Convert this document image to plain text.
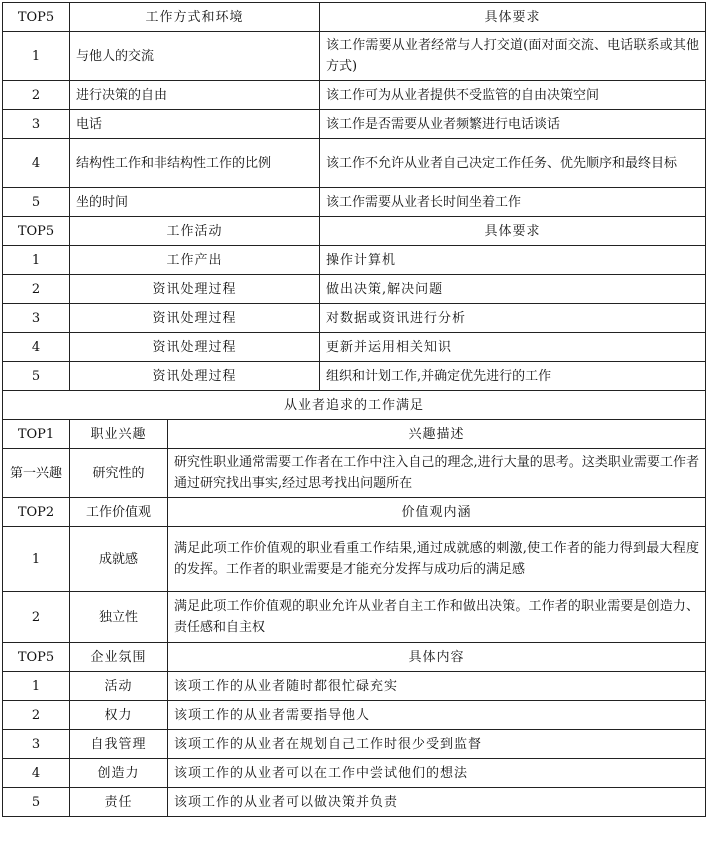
TOP5	工作方式和环境		具体要求
1	与他人的交流		该工作需要从业者经常与人打交道(面对面交流、电话联系或其他方式)
2	进行决策的自由		该工作可为从业者提供不受监管的自由决策空间
3	电话		该工作是否需要从业者频繁进行电话谈话
4	结构性工作和非结构性工作的比例		该工作不允许从业者自己决定工作任务、优先顺序和最终目标
5	坐的时间		该工作需要从业者长时间坐着工作
TOP5	工作活动		具体要求
1	工作产出		操作计算机
2	资讯处理过程		做出决策,解决问题
3	资讯处理过程		对数据或资讯进行分析
4	资讯处理过程		更新并运用相关知识
5	资讯处理过程		组织和计划工作,并确定优先进行的工作
从业者追求的工作满足			
TOP1	职业兴趣	兴趣描述	
第一兴趣	研究性的	研究性职业通常需要工作者在工作中注入自己的理念,进行大量的思考。这类职业需要工作者通过研究找出事实,经过思考找出问题所在	
TOP2	工作价值观	价值观内涵	
1	成就感	满足此项工作价值观的职业看重工作结果,通过成就感的刺激,使工作者的能力得到最大程度的发挥。工作者的职业需要是才能充分发挥与成功后的满足感	
2	独立性	满足此项工作价值观的职业允许从业者自主工作和做出决策。工作者的职业需要是创造力、责任感和自主权	
TOP5	企业氛围	具体内容	
1	活动	该项工作的从业者随时都很忙碌充实	
2	权力	该项工作的从业者需要指导他人	
3	自我管理	该项工作的从业者在规划自己工作时很少受到监督	
4	创造力	该项工作的从业者可以在工作中尝试他们的想法	
5	责任	该项工作的从业者可以做决策并负责	
